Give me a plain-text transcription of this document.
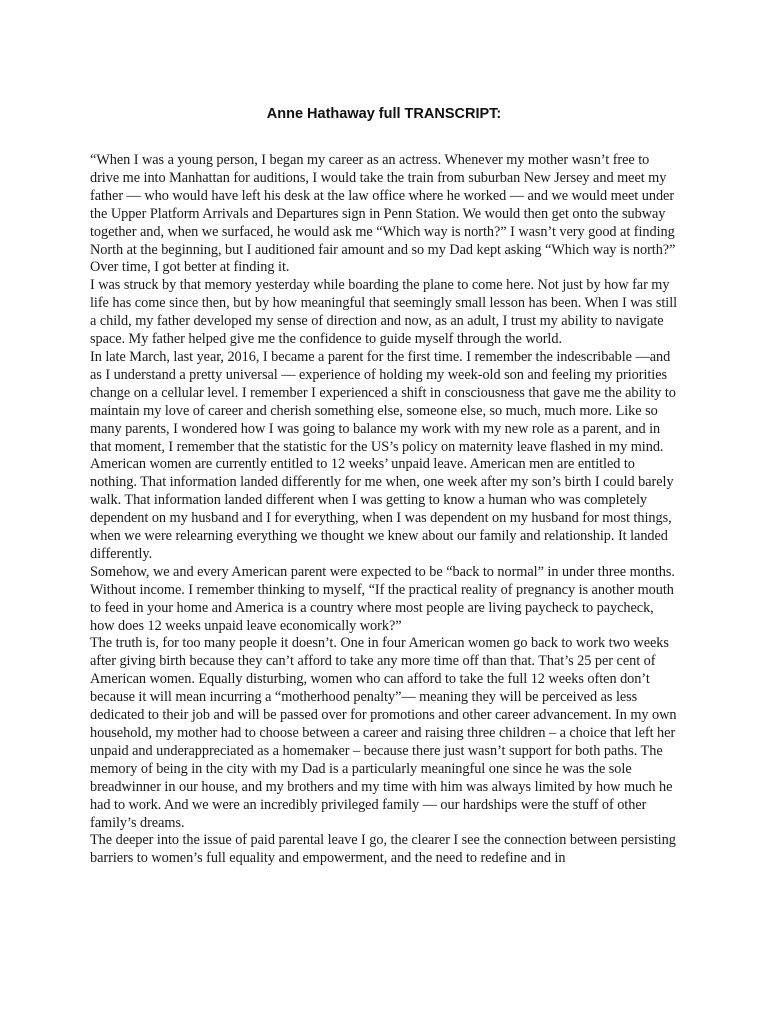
Anne Hathaway full TRANSCRIPT:

“When I was a young person, I began my career as an actress. Whenever my mother wasn’t free to drive me into Manhattan for auditions, I would take the train from suburban New Jersey and meet my father — who would have left his desk at the law office where he worked — and we would meet under the Upper Platform Arrivals and Departures sign in Penn Station. We would then get onto the subway together and, when we surfaced, he would ask me “Which way is north?” I wasn’t very good at finding North at the beginning, but I auditioned fair amount and so my Dad kept asking “Which way is north?” Over time, I got better at finding it.

I was struck by that memory yesterday while boarding the plane to come here. Not just by how far my life has come since then, but by how meaningful that seemingly small lesson has been. When I was still a child, my father developed my sense of direction and now, as an adult, I trust my ability to navigate space. My father helped give me the confidence to guide myself through the world.

In late March, last year, 2016, I became a parent for the first time. I remember the indescribable —and as I understand a pretty universal — experience of holding my week-old son and feeling my priorities change on a cellular level. I remember I experienced a shift in consciousness that gave me the ability to maintain my love of career and cherish something else, someone else, so much, much more. Like so many parents, I wondered how I was going to balance my work with my new role as a parent, and in that moment, I remember that the statistic for the US’s policy on maternity leave flashed in my mind.

American women are currently entitled to 12 weeks’ unpaid leave. American men are entitled to nothing. That information landed differently for me when, one week after my son’s birth I could barely walk. That information landed different when I was getting to know a human who was completely dependent on my husband and I for everything, when I was dependent on my husband for most things, when we were relearning everything we thought we knew about our family and relationship. It landed differently.

Somehow, we and every American parent were expected to be “back to normal” in under three months. Without income. I remember thinking to myself, “If the practical reality of pregnancy is another mouth to feed in your home and America is a country where most people are living paycheck to paycheck, how does 12 weeks unpaid leave economically work?”

The truth is, for too many people it doesn’t. One in four American women go back to work two weeks after giving birth because they can’t afford to take any more time off than that. That’s 25 per cent of American women. Equally disturbing, women who can afford to take the full 12 weeks often don’t because it will mean incurring a “motherhood penalty”— meaning they will be perceived as less dedicated to their job and will be passed over for promotions and other career advancement. In my own household, my mother had to choose between a career and raising three children – a choice that left her unpaid and underappreciated as a homemaker – because there just wasn’t support for both paths. The memory of being in the city with my Dad is a particularly meaningful one since he was the sole breadwinner in our house, and my brothers and my time with him was always limited by how much he had to work. And we were an incredibly privileged family — our hardships were the stuff of other family’s dreams.

The deeper into the issue of paid parental leave I go, the clearer I see the connection between persisting barriers to women’s full equality and empowerment, and the need to redefine and in
